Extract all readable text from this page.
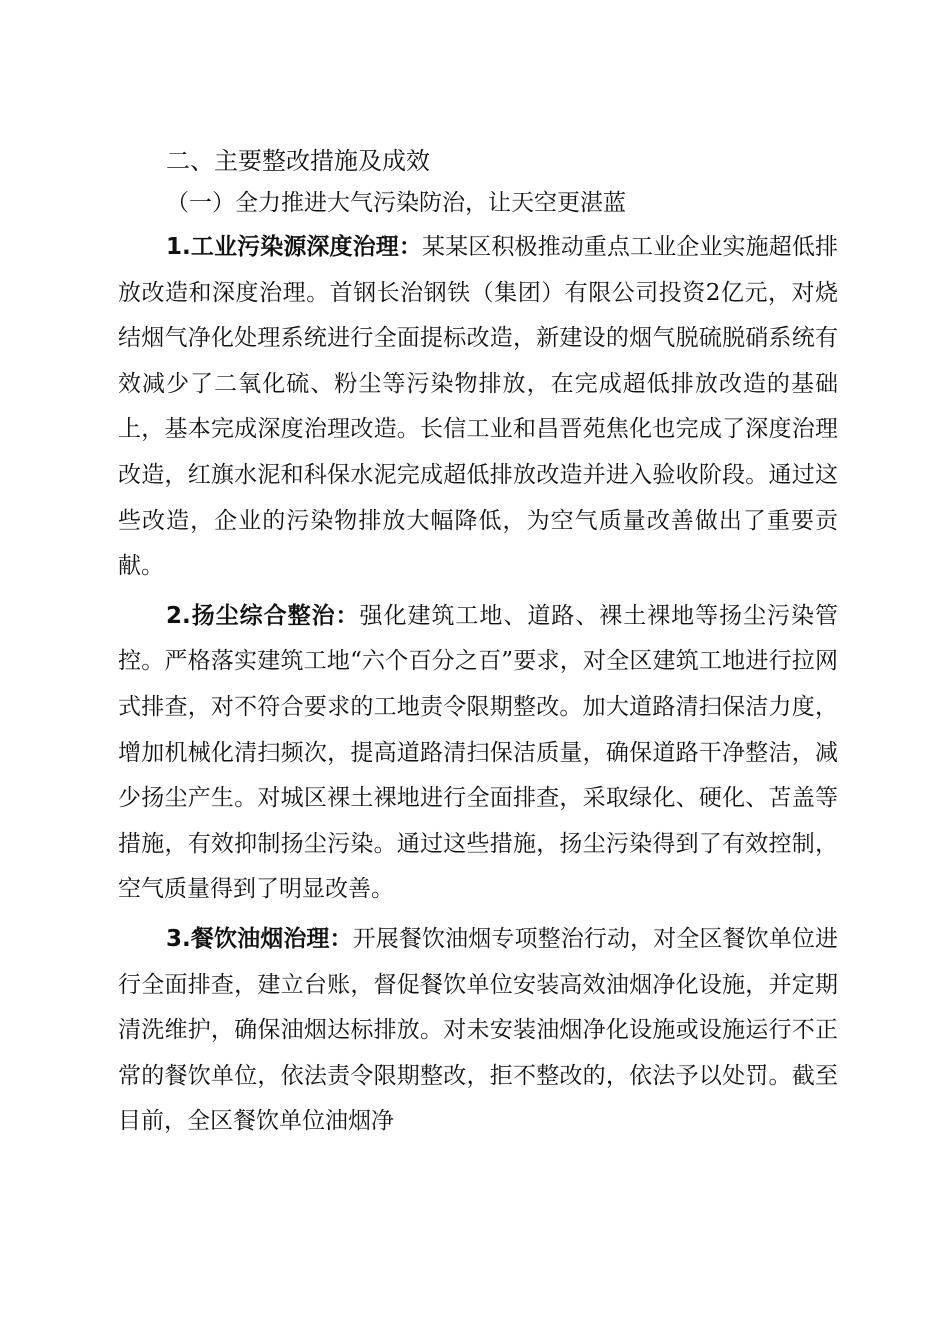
二、主要整改措施及成效
（一）全力推进大气污染防治，让天空更湛蓝

1.工业污染源深度治理：某某区积极推动重点工业企业实施超低排放改造和深度治理。首钢长治钢铁（集团）有限公司投资2亿元，对烧结烟气净化处理系统进行全面提标改造，新建设的烟气脱硫脱硝系统有效减少了二氧化硫、粉尘等污染物排放，在完成超低排放改造的基础上，基本完成深度治理改造。长信工业和昌晋苑焦化也完成了深度治理改造，红旗水泥和科保水泥完成超低排放改造并进入验收阶段。通过这些改造，企业的污染物排放大幅降低，为空气质量改善做出了重要贡献。

2.扬尘综合整治：强化建筑工地、道路、裸土裸地等扬尘污染管控。严格落实建筑工地“六个百分之百”要求，对全区建筑工地进行拉网式排查，对不符合要求的工地责令限期整改。加大道路清扫保洁力度，增加机械化清扫频次，提高道路清扫保洁质量，确保道路干净整洁，减少扬尘产生。对城区裸土裸地进行全面排查，采取绿化、硬化、苫盖等措施，有效抑制扬尘污染。通过这些措施，扬尘污染得到了有效控制，空气质量得到了明显改善。

3.餐饮油烟治理：开展餐饮油烟专项整治行动，对全区餐饮单位进行全面排查，建立台账，督促餐饮单位安装高效油烟净化设施，并定期清洗维护，确保油烟达标排放。对未安装油烟净化设施或设施运行不正常的餐饮单位，依法责令限期整改，拒不整改的，依法予以处罚。截至目前，全区餐饮单位油烟净
